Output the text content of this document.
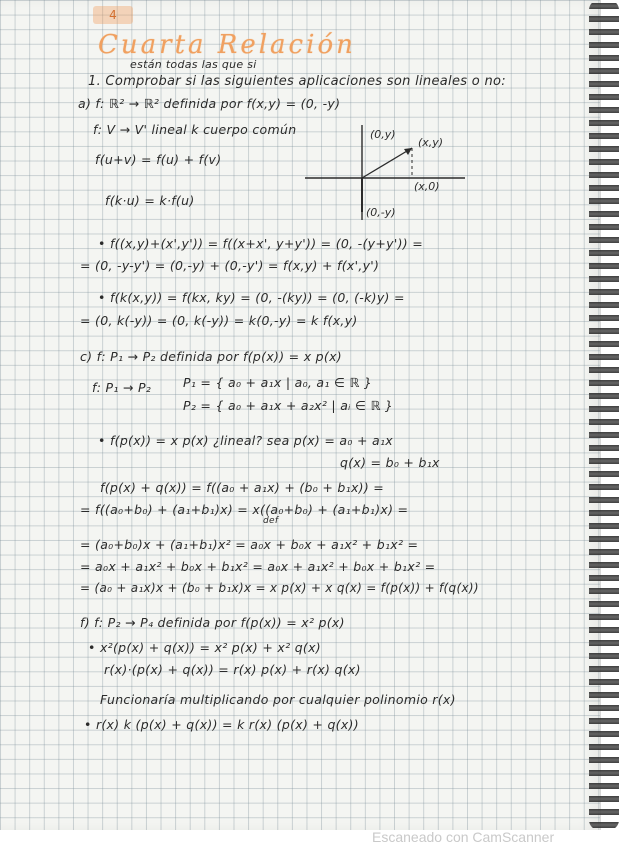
4
Cuarta Relación
están todas las que si
1. Comprobar si las siguientes aplicaciones son lineales o no:
a) f: ℝ² → ℝ² definida por f(x,y) = (0, -y)
f: V → V' lineal k cuerpo común
f(u+v) = f(u) + f(v)
f(k·u) = k·f(u)
(0,y)
(x,y)
(x,0)
(0,-y)
• f((x,y)+(x',y')) = f((x+x', y+y')) = (0, -(y+y')) =
= (0, -y-y') = (0,-y) + (0,-y') = f(x,y) + f(x',y')
• f(k(x,y)) = f(kx, ky) = (0, -(ky)) = (0, (-k)y) =
= (0, k(-y)) = (0, k(-y)) = k(0,-y) = k f(x,y)
c) f: P₁ → P₂ definida por f(p(x)) = x p(x)
f: P₁ → P₂	P₁ = { a₀ + a₁x | a₀, a₁ ∈ ℝ }
P₂ = { a₀ + a₁x + a₂x² | aᵢ ∈ ℝ }
• f(p(x)) = x p(x) ¿lineal? sea p(x) = a₀ + a₁x
q(x) = b₀ + b₁x
f(p(x) + q(x)) = f((a₀ + a₁x) + (b₀ + b₁x)) =
= f((a₀+b₀) + (a₁+b₁)x) = x((a₀+b₀) + (a₁+b₁)x) =
def
= (a₀+b₀)x + (a₁+b₁)x² = a₀x + b₀x + a₁x² + b₁x² =
= a₀x + a₁x² + b₀x + b₁x² = a₀x + a₁x² + b₀x + b₁x² =
= (a₀ + a₁x)x + (b₀ + b₁x)x = x p(x) + x q(x) = f(p(x)) + f(q(x))
f) f: P₂ → P₄ definida por f(p(x)) = x² p(x)
• x²(p(x) + q(x)) = x² p(x) + x² q(x)
r(x)·(p(x) + q(x)) = r(x) p(x) + r(x) q(x)
Funcionaría multiplicando por cualquier polinomio r(x)
• r(x) k (p(x) + q(x)) = k r(x) (p(x) + q(x))
Escaneado con CamScanner
